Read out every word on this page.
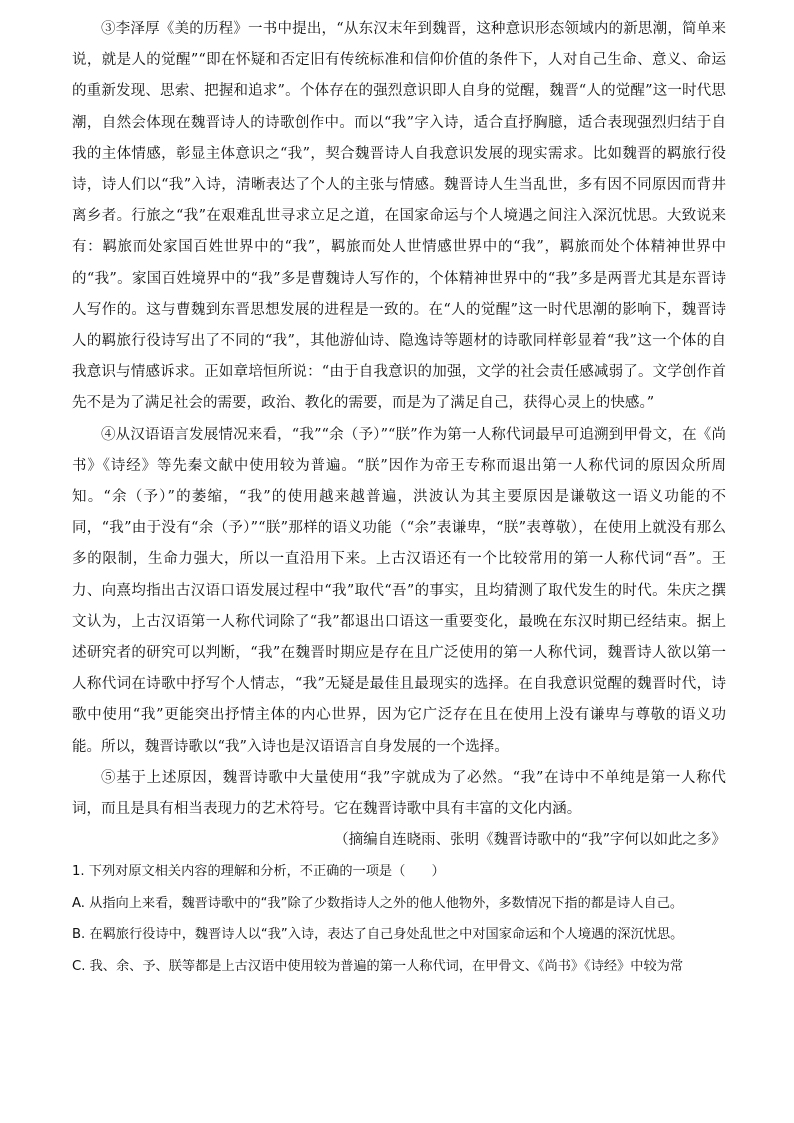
③李泽厚《美的历程》一书中提出，“从东汉末年到魏晋，这种意识形态领域内的新思潮，简单来说，就是人的觉醒”“即在怀疑和否定旧有传统标准和信仰价值的条件下，人对自己生命、意义、命运的重新发现、思索、把握和追求”。个体存在的强烈意识即人自身的觉醒，魏晋“人的觉醒”这一时代思潮，自然会体现在魏晋诗人的诗歌创作中。而以“我”字入诗，适合直抒胸臆，适合表现强烈归结于自我的主体情感，彰显主体意识之“我”，契合魏晋诗人自我意识发展的现实需求。比如魏晋的羁旅行役诗，诗人们以“我”入诗，清晰表达了个人的主张与情感。魏晋诗人生当乱世，多有因不同原因而背井离乡者。行旅之“我”在艰难乱世寻求立足之道，在国家命运与个人境遇之间注入深沉忧思。大致说来有：羁旅而处家国百姓世界中的“我”，羁旅而处人世情感世界中的“我”，羁旅而处个体精神世界中的“我”。家国百姓境界中的“我”多是曹魏诗人写作的，个体精神世界中的“我”多是两晋尤其是东晋诗人写作的。这与曹魏到东晋思想发展的进程是一致的。在“人的觉醒”这一时代思潮的影响下，魏晋诗人的羁旅行役诗写出了不同的“我”，其他游仙诗、隐逸诗等题材的诗歌同样彰显着“我”这一个体的自我意识与情感诉求。正如章培恒所说：“由于自我意识的加强，文学的社会责任感减弱了。文学创作首先不是为了满足社会的需要，政治、教化的需要，而是为了满足自己，获得心灵上的快感。”

④从汉语语言发展情况来看，“我”“余（予）”“朕”作为第一人称代词最早可追溯到甲骨文，在《尚书》《诗经》等先秦文献中使用较为普遍。“朕”因作为帝王专称而退出第一人称代词的原因众所周知。“余（予）”的萎缩，“我”的使用越来越普遍，洪波认为其主要原因是谦敬这一语义功能的不同，“我”由于没有“余（予）”“朕”那样的语义功能（“余”表谦卑，“朕”表尊敬），在使用上就没有那么多的限制，生命力强大，所以一直沿用下来。上古汉语还有一个比较常用的第一人称代词“吾”。王力、向熹均指出古汉语口语发展过程中“我”取代“吾”的事实，且均猜测了取代发生的时代。朱庆之撰文认为，上古汉语第一人称代词除了“我”都退出口语这一重要变化，最晚在东汉时期已经结束。据上述研究者的研究可以判断，“我”在魏晋时期应是存在且广泛使用的第一人称代词，魏晋诗人欲以第一人称代词在诗歌中抒写个人情志，“我”无疑是最佳且最现实的选择。在自我意识觉醒的魏晋时代，诗歌中使用“我”更能突出抒情主体的内心世界，因为它广泛存在且在使用上没有谦卑与尊敬的语义功能。所以，魏晋诗歌以“我”入诗也是汉语语言自身发展的一个选择。

⑤基于上述原因，魏晋诗歌中大量使用“我”字就成为了必然。“我”在诗中不单纯是第一人称代词，而且是具有相当表现力的艺术符号。它在魏晋诗歌中具有丰富的文化内涵。

（摘编自连晓雨、张明《魏晋诗歌中的“我”字何以如此之多》

1. 下列对原文相关内容的理解和分析，不正确的一项是（　　）

A. 从指向上来看，魏晋诗歌中的“我”除了少数指诗人之外的他人他物外，多数情况下指的都是诗人自己。

B. 在羁旅行役诗中，魏晋诗人以“我”入诗，表达了自己身处乱世之中对国家命运和个人境遇的深沉忧思。

C. 我、余、予、朕等都是上古汉语中使用较为普遍的第一人称代词，在甲骨文、《尚书》《诗经》中较为常
